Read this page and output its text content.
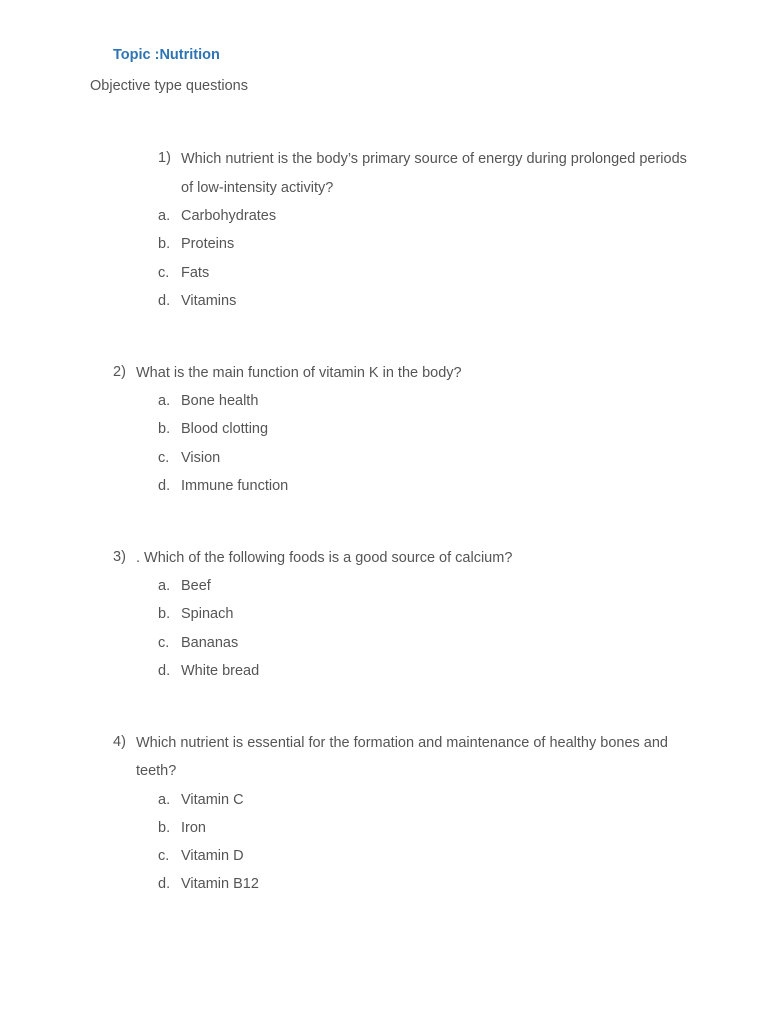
Topic :Nutrition
Objective type questions
1) Which nutrient is the body’s primary source of energy during prolonged periods
of low-intensity activity?
a. Carbohydrates
b. Proteins
c. Fats
d. Vitamins
2) What is the main function of vitamin K in the body?
a. Bone health
b. Blood clotting
c. Vision
d. Immune function
3) . Which of the following foods is a good source of calcium?
a. Beef
b. Spinach
c. Bananas
d. White bread
4) Which nutrient is essential for the formation and maintenance of healthy bones and
teeth?
a. Vitamin C
b. Iron
c. Vitamin D
d. Vitamin B12
